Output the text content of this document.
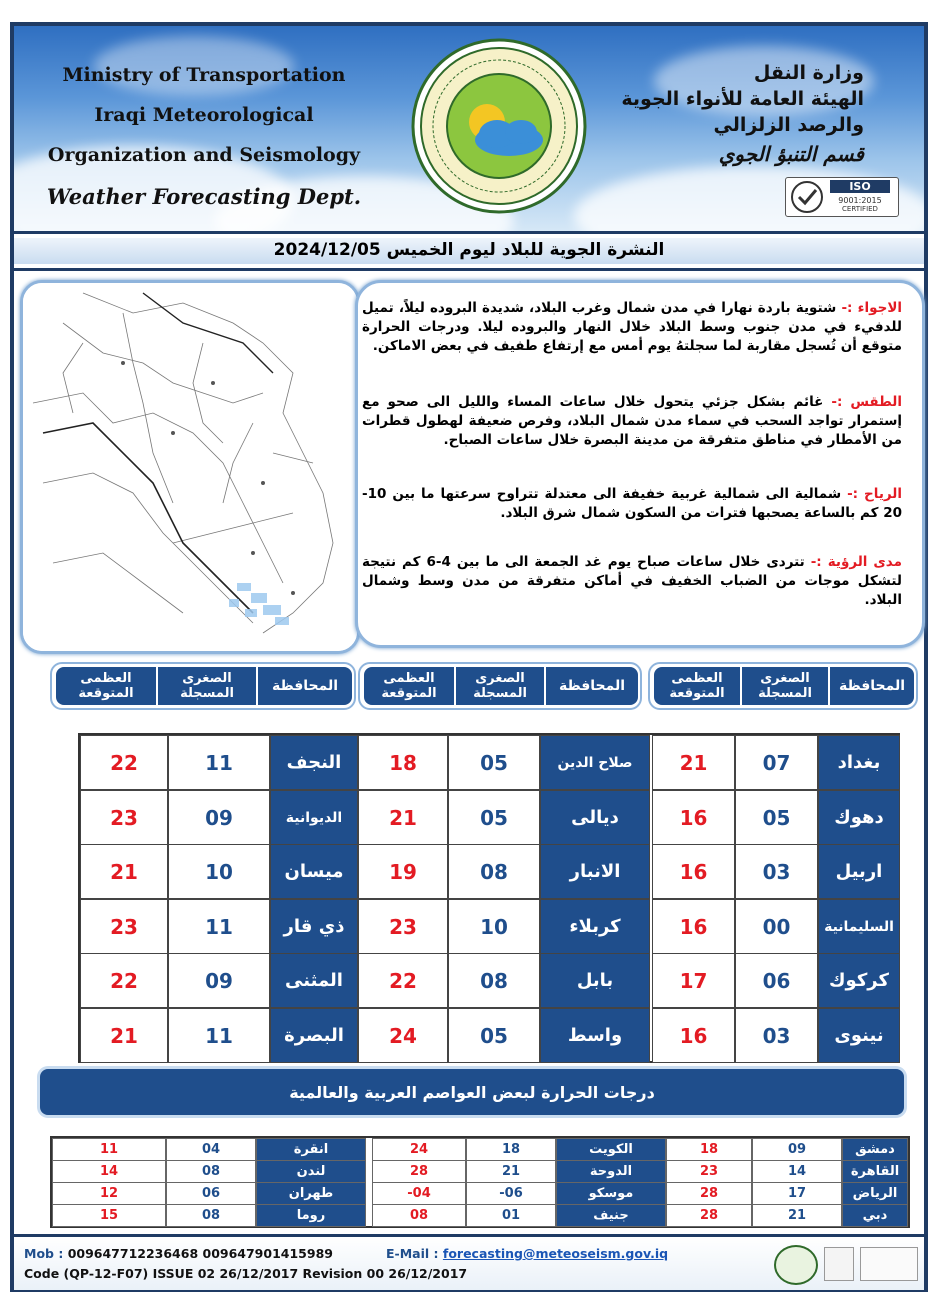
Ministry of Transportation
Iraqi Meteorological
Organization and Seismology
Weather Forecasting Dept.
وزارة النقل
الهيئة العامة للأنواء الجوية
والرصد الزلزالي
قسم التنبؤ الجوي
ISO
9001:2015
CERTIFIED
النشرة الجوية للبلاد ليوم الخميس 2024/12/05
الاجواء :- شتوية باردة نهارا في مدن شمال وغرب البلاد، شديدة البروده ليلاً، تميل للدفيء في مدن جنوب وسط البلاد خلال النهار والبروده ليلا. ودرجات الحرارة متوقع أن تُسجل مقاربة لما سجلتهُ يوم أمس مع إرتفاع طفيف في بعض الاماكن.
الطقس :- غائم بشكل جزئي يتحول خلال ساعات المساء والليل الى صحو مع إستمرار تواجد السحب في سماء مدن شمال البلاد، وفرص ضعيفة لهطول قطرات من الأمطار في مناطق متفرقة من مدينة البصرة خلال ساعات الصباح.
الرياح :- شمالية الى شمالية غربية خفيفة الى معتدلة تتراوح سرعتها ما بين 10-20 كم بالساعة يصحبها فترات من السكون شمال شرق البلاد.
مدى الرؤية :- تتردى خلال ساعات صباح يوم غد الجمعة الى ما بين 4-6 كم نتيجة لتشكل موجات من الضباب الخفيف في أماكن متفرقة من مدن وسط وشمال البلاد.
المحافظة
الصغرى
المسجلة
العظمى
المتوقعة
المحافظة
الصغرى
المسجلة
العظمى
المتوقعة
المحافظة
الصغرى
المسجلة
العظمى
المتوقعة
بغداد
07
21
صلاح الدين
05
18
النجف
11
22
دهوك
05
16
ديالى
05
21
الديوانية
09
23
اربيل
03
16
الانبار
08
19
ميسان
10
21
السليمانية
00
16
كربلاء
10
23
ذي قار
11
23
كركوك
06
17
بابل
08
22
المثنى
09
22
نينوى
03
16
واسط
05
24
البصرة
11
21
درجات الحرارة لبعض العواصم العربية والعالمية
دمشق
09
18
الكويت
18
24
انقرة
04
11
القاهرة
14
23
الدوحة
21
28
لندن
08
14
الرياض
17
28
موسكو
-06
-04
طهران
06
12
دبي
21
28
جنيف
01
08
روما
08
15
Mob : 009647712236468 009647901415989	E-Mail : forecasting@meteoseism.gov.iq
Code (QP-12-F07) ISSUE 02 26/12/2017 Revision 00 26/12/2017
